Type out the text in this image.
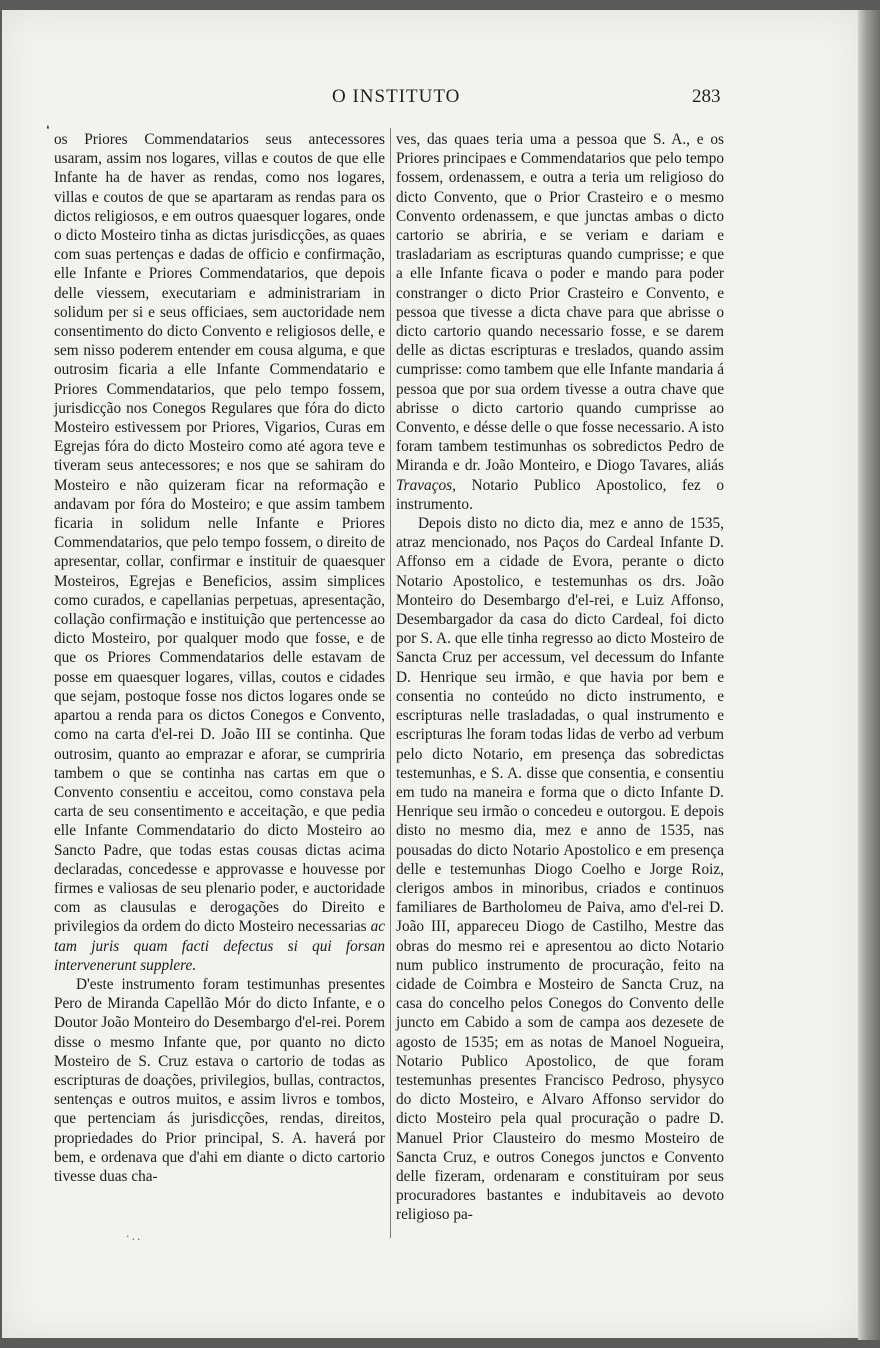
O INSTITUTO	283
❛

os Priores Commendatarios seus antecessores usaram, assim nos logares, villas e coutos de que elle Infante ha de haver as rendas, como nos logares, villas e coutos de que se apartaram as rendas para os dictos religiosos, e em outros quaesquer logares, onde o dicto Mosteiro tinha as dictas jurisdicções, as quaes com suas pertenças e dadas de officio e confirmação, elle Infante e Priores Commendatarios, que depois delle viessem, executariam e administrariam in solidum per si e seus officiaes, sem auctoridade nem consentimento do dicto Convento e religiosos delle, e sem nisso poderem entender em cousa alguma, e que outrosim ficaria a elle Infante Commendatario e Priores Commendatarios, que pelo tempo fossem, jurisdicção nos Conegos Regulares que fóra do dicto Mosteiro estivessem por Priores, Vigarios, Curas em Egrejas fóra do dicto Mosteiro como até agora teve e tiveram seus antecessores; e nos que se sahiram do Mosteiro e não quizeram ficar na reformação e andavam por fóra do Mosteiro; e que assim tambem ficaria in solidum nelle Infante e Priores Commendatarios, que pelo tempo fossem, o direito de apresentar, collar, confirmar e instituir de quaesquer Mosteiros, Egrejas e Beneficios, assim simplices como curados, e capellanias perpetuas, apresentação, collação confirmação e instituição que pertencesse ao dicto Mosteiro, por qualquer modo que fosse, e de que os Priores Commendatarios delle estavam de posse em quaesquer logares, villas, coutos e cidades que sejam, postoque fosse nos dictos logares onde se apartou a renda para os dictos Conegos e Convento, como na carta d'el-rei D. João III se continha. Que outrosim, quanto ao emprazar e aforar, se cumpriria tambem o que se continha nas cartas em que o Convento consentiu e acceitou, como constava pela carta de seu consentimento e acceitação, e que pedia elle Infante Commendatario do dicto Mosteiro ao Sancto Padre, que todas estas cousas dictas acima declaradas, concedesse e approvasse e houvesse por firmes e valiosas de seu plenario poder, e auctoridade com as clausulas e derogações do Direito e privilegios da ordem do dicto Mosteiro necessarias ac tam juris quam facti defectus si qui forsan intervenerunt supplere.

D'este instrumento foram testimunhas presentes Pero de Miranda Capellão Mór do dicto Infante, e o Doutor João Monteiro do Desembargo d'el-rei. Porem disse o mesmo Infante que, por quanto no dicto Mosteiro de S. Cruz estava o cartorio de todas as escripturas de doações, privilegios, bullas, contractos, sentenças e outros muitos, e assim livros e tombos, que pertenciam ás jurisdicções, rendas, direitos, propriedades do Prior principal, S. A. haverá por bem, e ordenava que d'ahi em diante o dicto cartorio tivesse duas cha-

ves, das quaes teria uma a pessoa que S. A., e os Priores principaes e Commendatarios que pelo tempo fossem, ordenassem, e outra a teria um religioso do dicto Convento, que o Prior Crasteiro e o mesmo Convento ordenassem, e que junctas ambas o dicto cartorio se abriria, e se veriam e dariam e trasladariam as escripturas quando cumprisse; e que a elle Infante ficava o poder e mando para poder constranger o dicto Prior Crasteiro e Convento, e pessoa que tivesse a dicta chave para que abrisse o dicto cartorio quando necessario fosse, e se darem delle as dictas escripturas e treslados, quando assim cumprisse: como tambem que elle Infante mandaria á pessoa que por sua ordem tivesse a outra chave que abrisse o dicto cartorio quando cumprisse ao Convento, e désse delle o que fosse necessario. A isto foram tambem testimunhas os sobredictos Pedro de Miranda e dr. João Monteiro, e Diogo Tavares, aliás Travaços, Notario Publico Apostolico, fez o instrumento.

Depois disto no dicto dia, mez e anno de 1535, atraz mencionado, nos Paços do Cardeal Infante D. Affonso em a cidade de Evora, perante o dicto Notario Apostolico, e testemunhas os drs. João Monteiro do Desembargo d'el-rei, e Luiz Affonso, Desembargador da casa do dicto Cardeal, foi dicto por S. A. que elle tinha regresso ao dicto Mosteiro de Sancta Cruz per accessum, vel decessum do Infante D. Henrique seu irmão, e que havia por bem e consentia no conteúdo no dicto instrumento, e escripturas nelle trasladadas, o qual instrumento e escripturas lhe foram todas lidas de verbo ad verbum pelo dicto Notario, em presença das sobredictas testemunhas, e S. A. disse que consentia, e consentiu em tudo na maneira e forma que o dicto Infante D. Henrique seu irmão o concedeu e outorgou. E depois disto no mesmo dia, mez e anno de 1535, nas pousadas do dicto Notario Apostolico e em presença delle e testemunhas Diogo Coelho e Jorge Roiz, clerigos ambos in minoribus, criados e continuos familiares de Bartholomeu de Paiva, amo d'el-rei D. João III, appareceu Diogo de Castilho, Mestre das obras do mesmo rei e apresentou ao dicto Notario num publico instrumento de procuração, feito na cidade de Coimbra e Mosteiro de Sancta Cruz, na casa do concelho pelos Conegos do Convento delle juncto em Cabido a som de campa aos dezesete de agosto de 1535; em as notas de Manoel Nogueira, Notario Publico Apostolico, de que foram testemunhas presentes Francisco Pedroso, physyco do dicto Mosteiro, e Alvaro Affonso servidor do dicto Mosteiro pela qual procuração o padre D. Manuel Prior Clausteiro do mesmo Mosteiro de Sancta Cruz, e outros Conegos junctos e Convento delle fizeram, ordenaram e constituiram por seus procuradores bastantes e indubitaveis ao devoto religioso pa-

·..
